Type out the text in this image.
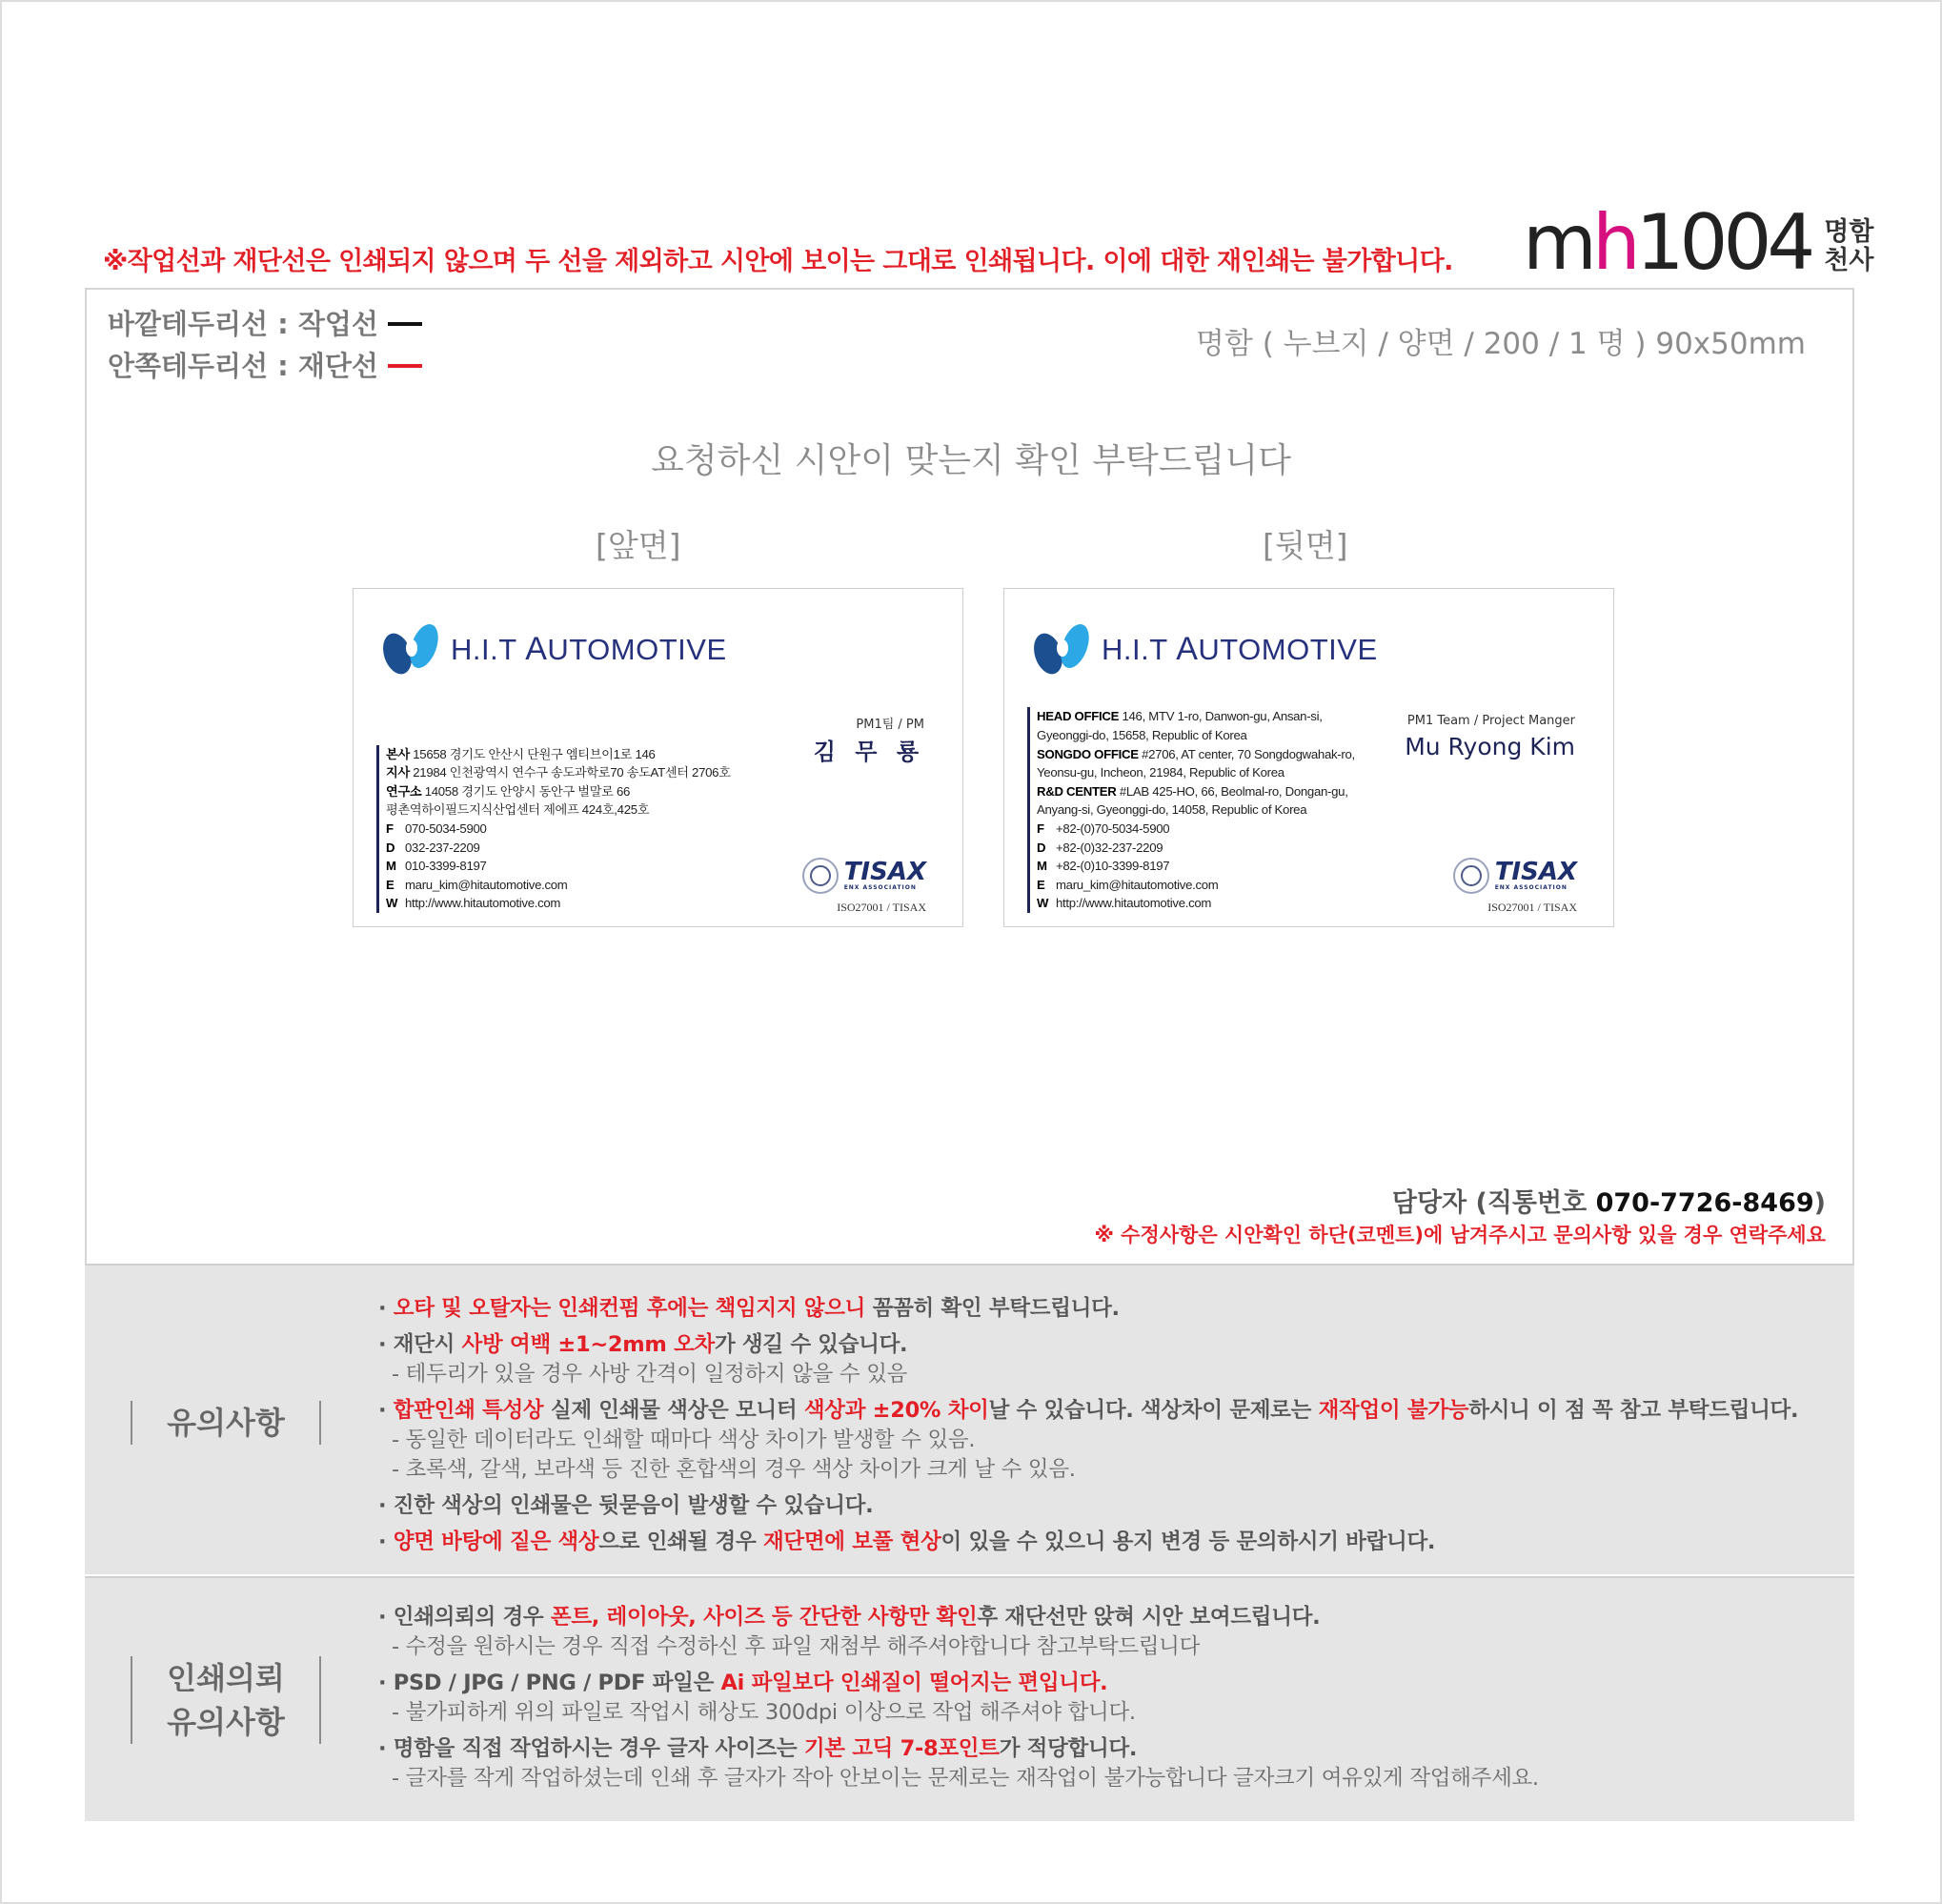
※작업선과 재단선은 인쇄되지 않으며 두 선을 제외하고 시안에 보이는 그대로 인쇄됩니다. 이에 대한 재인쇄는 불가합니다. mh1004 명함
천사
바깥테두리선 : 작업선
안쪽테두리선 : 재단선
명함 ( 누브지 / 양면 / 200 / 1 명 ) 90x50mm
요청하신 시안이 맞는지 확인 부탁드립니다
[앞면]	[뒷면]
H.I.T AUTOMOTIVE
PM1팀 / PM
김 무 룡
본사 15658 경기도 안산시 단원구 엠티브이1로 146
지사 21984 인천광역시 연수구 송도과학로70 송도AT센터 2706호
연구소 14058 경기도 안양시 동안구 벌말로 66
평촌역하이필드지식산업센터 제에프 424호,425호
F 070-5034-5900
D 032-237-2209
M 010-3399-8197
E maru_kim@hitautomotive.com
W http://www.hitautomotive.com
TISAX
ENX ASSOCIATION
ISO27001 / TISAX
H.I.T AUTOMOTIVE
PM1 Team / Project Manger
Mu Ryong Kim
HEAD OFFICE 146, MTV 1-ro, Danwon-gu, Ansan-si,
Gyeonggi-do, 15658, Republic of Korea
SONGDO OFFICE #2706, AT center, 70 Songdogwahak-ro,
Yeonsu-gu, Incheon, 21984, Republic of Korea
R&D CENTER #LAB 425-HO, 66, Beolmal-ro, Dongan-gu,
Anyang-si, Gyeonggi-do, 14058, Republic of Korea
F +82-(0)70-5034-5900
D +82-(0)32-237-2209
M +82-(0)10-3399-8197
E maru_kim@hitautomotive.com
W http://www.hitautomotive.com
TISAX
ENX ASSOCIATION
ISO27001 / TISAX
담당자 (직통번호 070-7726-8469)
※ 수정사항은 시안확인 하단(코멘트)에 남겨주시고 문의사항 있을 경우 연락주세요
유의사항
· 오타 및 오탈자는 인쇄컨펌 후에는 책임지지 않으니 꼼꼼히 확인 부탁드립니다.
· 재단시 사방 여백 ±1~2mm 오차가 생길 수 있습니다.
- 테두리가 있을 경우 사방 간격이 일정하지 않을 수 있음
· 합판인쇄 특성상 실제 인쇄물 색상은 모니터 색상과 ±20% 차이날 수 있습니다. 색상차이 문제로는 재작업이 불가능하시니 이 점 꼭 참고 부탁드립니다.
- 동일한 데이터라도 인쇄할 때마다 색상 차이가 발생할 수 있음.
- 초록색, 갈색, 보라색 등 진한 혼합색의 경우 색상 차이가 크게 날 수 있음.
· 진한 색상의 인쇄물은 뒷묻음이 발생할 수 있습니다.
· 양면 바탕에 짙은 색상으로 인쇄될 경우 재단면에 보풀 현상이 있을 수 있으니 용지 변경 등 문의하시기 바랍니다.
인쇄의뢰
유의사항
· 인쇄의뢰의 경우 폰트, 레이아웃, 사이즈 등 간단한 사항만 확인후 재단선만 앉혀 시안 보여드립니다.
- 수정을 원하시는 경우 직접 수정하신 후 파일 재첨부 해주셔야합니다 참고부탁드립니다
· PSD / JPG / PNG / PDF 파일은 Ai 파일보다 인쇄질이 떨어지는 편입니다.
- 불가피하게 위의 파일로 작업시 해상도 300dpi 이상으로 작업 해주셔야 합니다.
· 명함을 직접 작업하시는 경우 글자 사이즈는 기본 고딕 7-8포인트가 적당합니다.
- 글자를 작게 작업하셨는데 인쇄 후 글자가 작아 안보이는 문제로는 재작업이 불가능합니다 글자크기 여유있게 작업해주세요.
